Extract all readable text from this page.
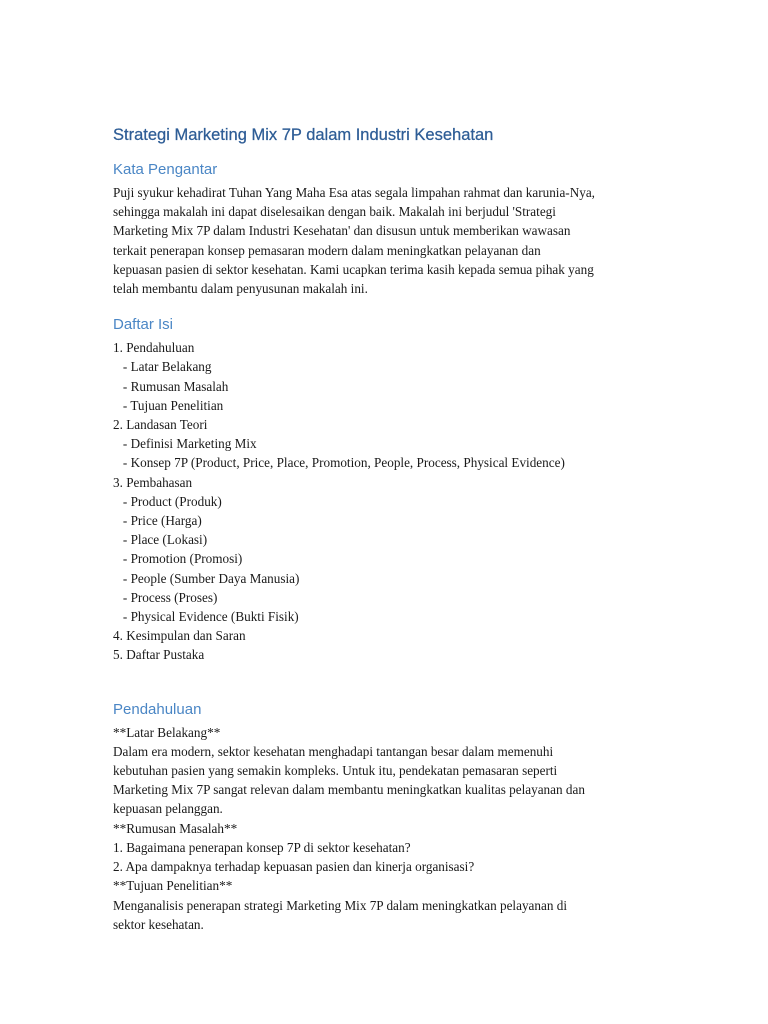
Strategi Marketing Mix 7P dalam Industri Kesehatan
Kata Pengantar

Puji syukur kehadirat Tuhan Yang Maha Esa atas segala limpahan rahmat dan karunia-Nya,

sehingga makalah ini dapat diselesaikan dengan baik. Makalah ini berjudul 'Strategi

Marketing Mix 7P dalam Industri Kesehatan' dan disusun untuk memberikan wawasan

terkait penerapan konsep pemasaran modern dalam meningkatkan pelayanan dan

kepuasan pasien di sektor kesehatan. Kami ucapkan terima kasih kepada semua pihak yang

telah membantu dalam penyusunan makalah ini.

Daftar Isi
1. Pendahuluan
- Latar Belakang
- Rumusan Masalah
- Tujuan Penelitian
2. Landasan Teori
- Definisi Marketing Mix
- Konsep 7P (Product, Price, Place, Promotion, People, Process, Physical Evidence)
3. Pembahasan
- Product (Produk)
- Price (Harga)
- Place (Lokasi)
- Promotion (Promosi)
- People (Sumber Daya Manusia)
- Process (Proses)
- Physical Evidence (Bukti Fisik)
4. Kesimpulan dan Saran
5. Daftar Pustaka
Pendahuluan

**Latar Belakang**

Dalam era modern, sektor kesehatan menghadapi tantangan besar dalam memenuhi

kebutuhan pasien yang semakin kompleks. Untuk itu, pendekatan pemasaran seperti

Marketing Mix 7P sangat relevan dalam membantu meningkatkan kualitas pelayanan dan

kepuasan pelanggan.

**Rumusan Masalah**

1. Bagaimana penerapan konsep 7P di sektor kesehatan?

2. Apa dampaknya terhadap kepuasan pasien dan kinerja organisasi?

**Tujuan Penelitian**

Menganalisis penerapan strategi Marketing Mix 7P dalam meningkatkan pelayanan di

sektor kesehatan.
